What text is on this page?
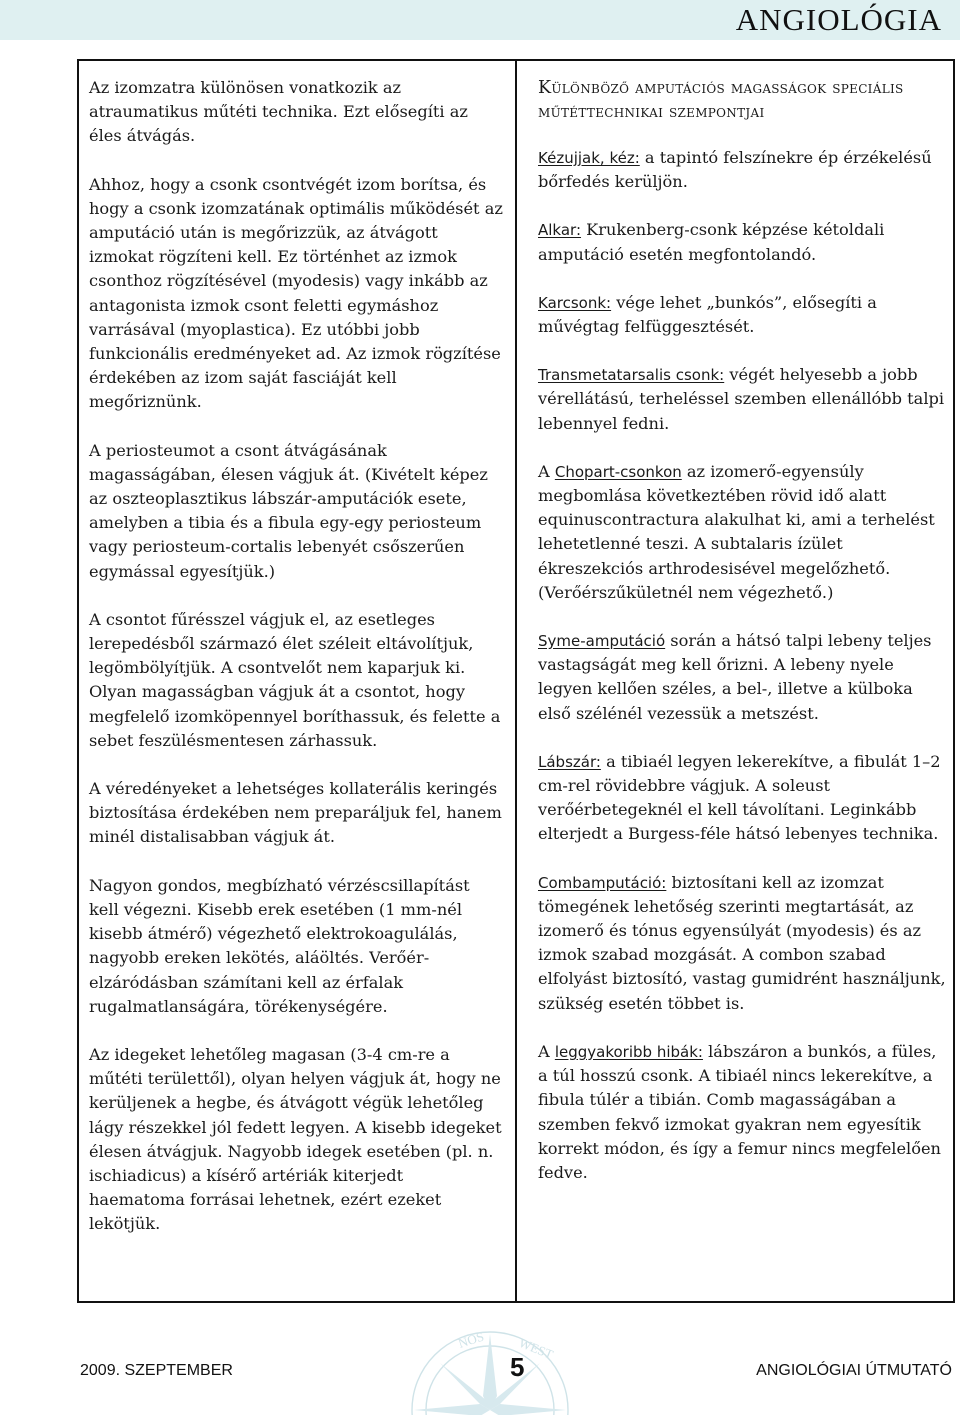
ANGIOLÓGIA

Az izomzatra különösen vonatkozik az atraumatikus műtéti technika. Ezt elősegíti az éles átvágás.

Ahhoz, hogy a csonk csontvégét izom borítsa, és hogy a csonk izomzatának optimális működését az amputáció után is megőrizzük, az átvágott izmokat rögzíteni kell. Ez történhet az izmok csonthoz rögzítésével (myodesis) vagy inkább az antagonista izmok csont feletti egymáshoz varrásával (myoplastica). Ez utóbbi jobb funkcionális eredményeket ad. Az izmok rögzítése érdekében az izom saját fasciáját kell megőriznünk.

A periosteumot a csont átvágásának magasságában, élesen vágjuk át. (Kivételt képez az oszteoplasztikus lábszár-amputációk esete, amelyben a tibia és a fibula egy-egy periosteum vagy periosteum-cortalis lebenyét csőszerűen egymással egyesítjük.)

A csontot fűrésszel vágjuk el, az esetleges lerepedésből származó élet széleit eltávolítjuk, legömbölyítjük. A csontvelőt nem kaparjuk ki. Olyan magasságban vágjuk át a csontot, hogy megfelelő izomköpennyel boríthassuk, és felette a sebet feszülésmentesen zárhassuk.

A véredényeket a lehetséges kollaterális keringés biztosítása érdekében nem preparáljuk fel, hanem minél distalisabban vágjuk át.

Nagyon gondos, megbízható vérzéscsillapítást kell végezni. Kisebb erek esetében (1 mm-nél kisebb átmérő) végezhető elektrokoagulálás, nagyobb ereken lekötés, aláöltés. Verőér-elzáródásban számítani kell az érfalak rugalmatlanságára, törékenységére.

Az idegeket lehetőleg magasan (3-4 cm-re a műtéti területtől), olyan helyen vágjuk át, hogy ne kerüljenek a hegbe, és átvágott végük lehetőleg lágy részekkel jól fedett legyen. A kisebb idegeket élesen átvágjuk. Nagyobb idegek esetében (pl. n. ischiadicus) a kísérő artériák kiterjedt haematoma forrásai lehetnek, ezért ezeket lekötjük.

Különböző amputációs magasságok speciális műtéttechnikai szempontjai

Kézujjak, kéz: a tapintó felszínekre ép érzékelésű bőrfedés kerüljön.

Alkar: Krukenberg-csonk képzése kétoldali amputáció esetén megfontolandó.

Karcsonk: vége lehet „bunkós”, elősegíti a művégtag felfüggesztését.

Transmetatarsalis csonk: végét helyesebb a jobb vérellátású, terheléssel szemben ellenállóbb talpi lebennyel fedni.

A Chopart-csonkon az izomerő-egyensúly megbomlása következtében rövid idő alatt equinuscontractura alakulhat ki, ami a terhelést lehetetlenné teszi. A subtalaris ízület ékreszekciós arthrodesisével megelőzhető. (Verőérszűkületnél nem végezhető.)

Syme-amputáció során a hátsó talpi lebeny teljes vastagságát meg kell őrizni. A lebeny nyele legyen kellően széles, a bel-, illetve a külboka első szélénél vezessük a metszést.

Lábszár: a tibiaél legyen lekerekítve, a fibulát 1–2 cm-rel rövidebbre vágjuk. A soleust verőérbetegeknél el kell távolítani. Leginkább elterjedt a Burgess-féle hátsó lebenyes technika.

Combamputáció: biztosítani kell az izomzat tömegének lehetőség szerinti megtartását, az izomerő és tónus egyensúlyát (myodesis) és az izmok szabad mozgását. A combon szabad elfolyást biztosító, vastag gumidrént használjunk, szükség esetén többet is.

A leggyakoribb hibák: lábszáron a bunkós, a füles, a túl hosszú csonk. A tibiaél nincs lekerekítve, a fibula túlér a tibián. Comb magasságában a szemben fekvő izmokat gyakran nem egyesítik korrekt módon, és így a femur nincs megfelelően fedve.

NOS WEST
2009. SZEPTEMBER	5	ANGIOLÓGIAI ÚTMUTATÓ
